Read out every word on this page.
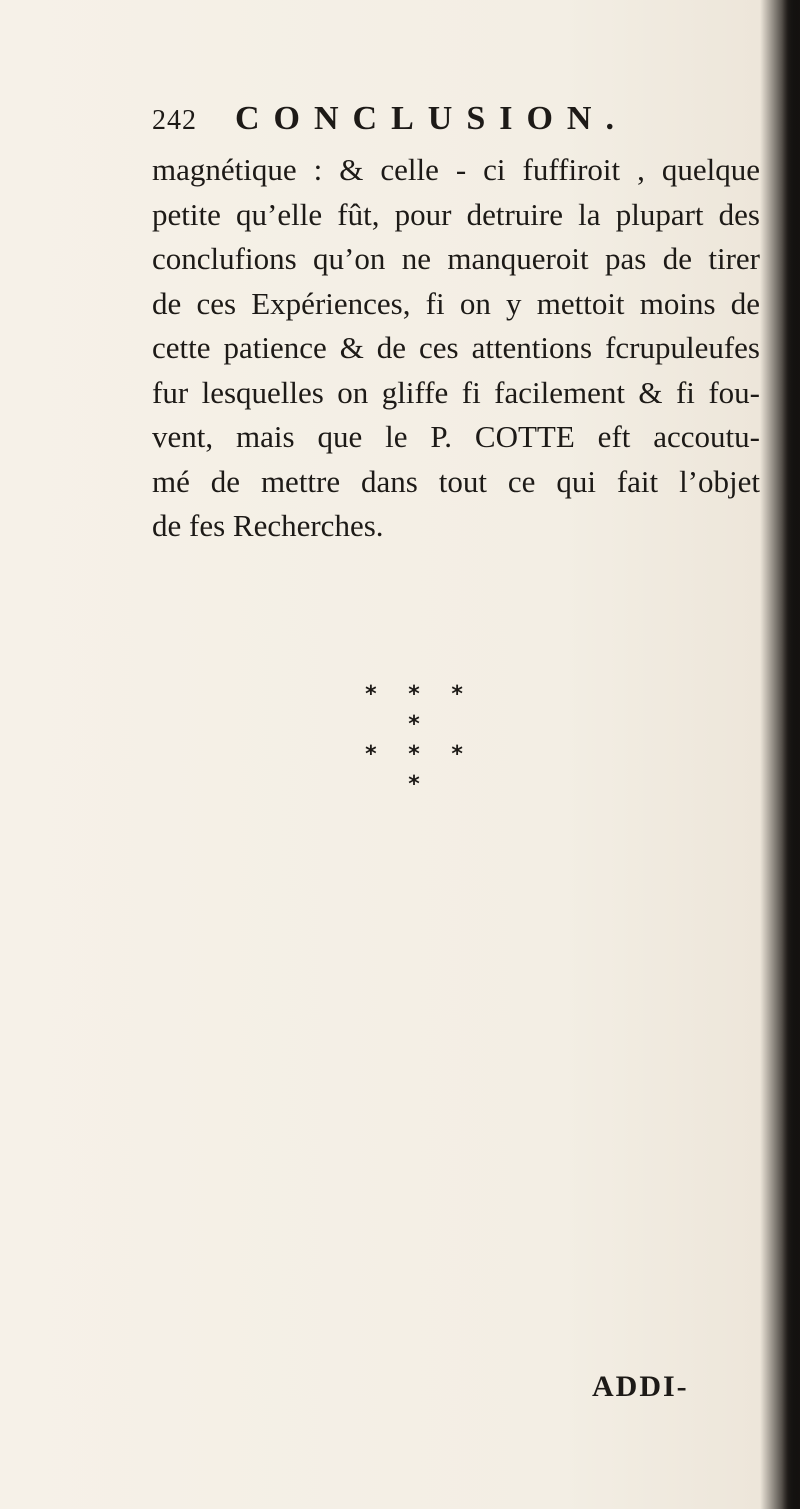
242 CONCLUSION.
magnétique : & celle - ci fuffiroit , quelque
petite qu’elle fût, pour detruire la plupart des
conclufions qu’on ne manqueroit pas de tirer
de ces Expériences, fi on y mettoit moins de
cette patience & de ces attentions fcrupuleufes
fur lesquelles on gliffe fi facilement & fi fou-
vent, mais que le P. COTTE eft accoutu-
mé de mettre dans tout ce qui fait l’objet
de fes Recherches.
* * * *
* * *
*
ADDI-
